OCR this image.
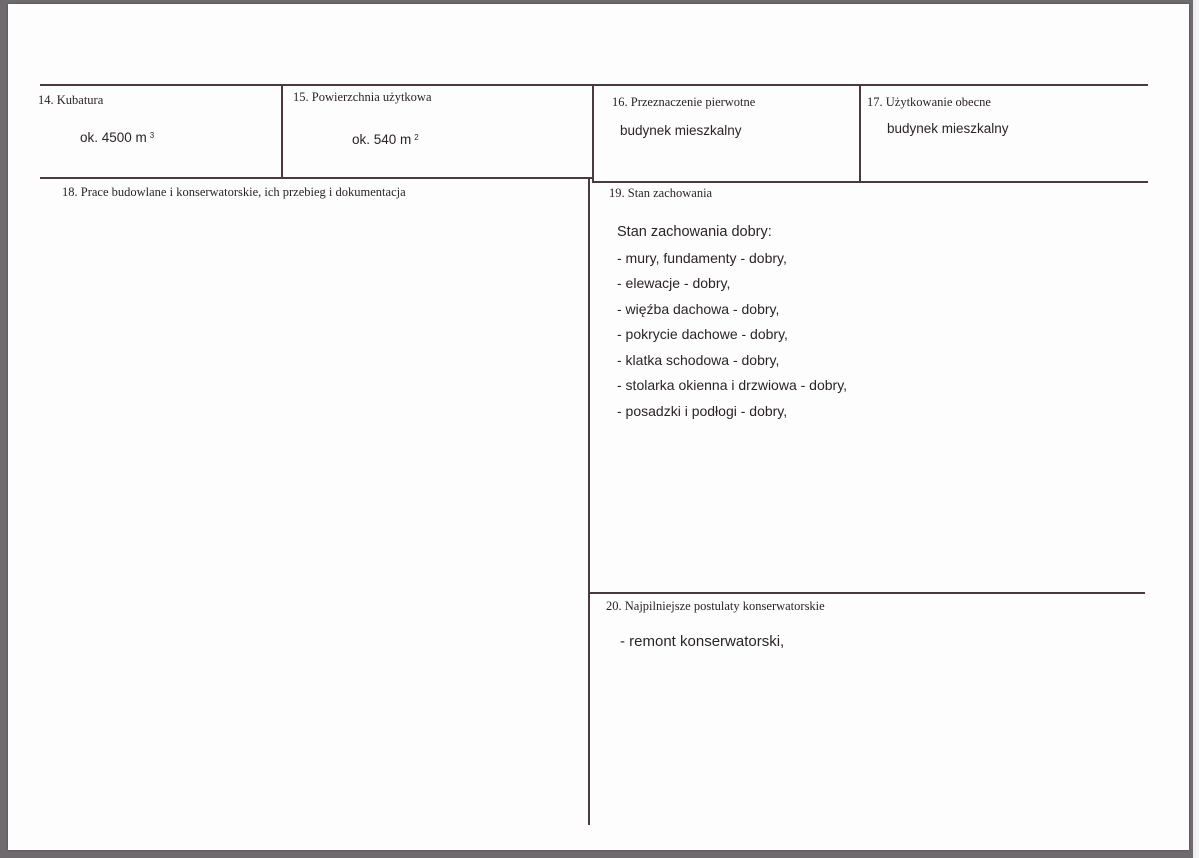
14. Kubatura
ok. 4500 m $^3$
15. Powierzchnia użytkowa
ok. 540 m $^2$
16. Przeznaczenie pierwotne
budynek mieszkalny
17. Użytkowanie obecne
budynek mieszkalny
18. Prace budowlane i konserwatorskie, ich przebieg i dokumentacja	19. Stan zachowania
Stan zachowania dobry:
- mury, fundamenty - dobry,
- elewacje - dobry,
- więźba dachowa - dobry,
- pokrycie dachowe - dobry,
- klatka schodowa - dobry,
- stolarka okienna i drzwiowa - dobry,
- posadzki i podłogi - dobry,
20. Najpilniejsze postulaty konserwatorskie
- remont konserwatorski,
